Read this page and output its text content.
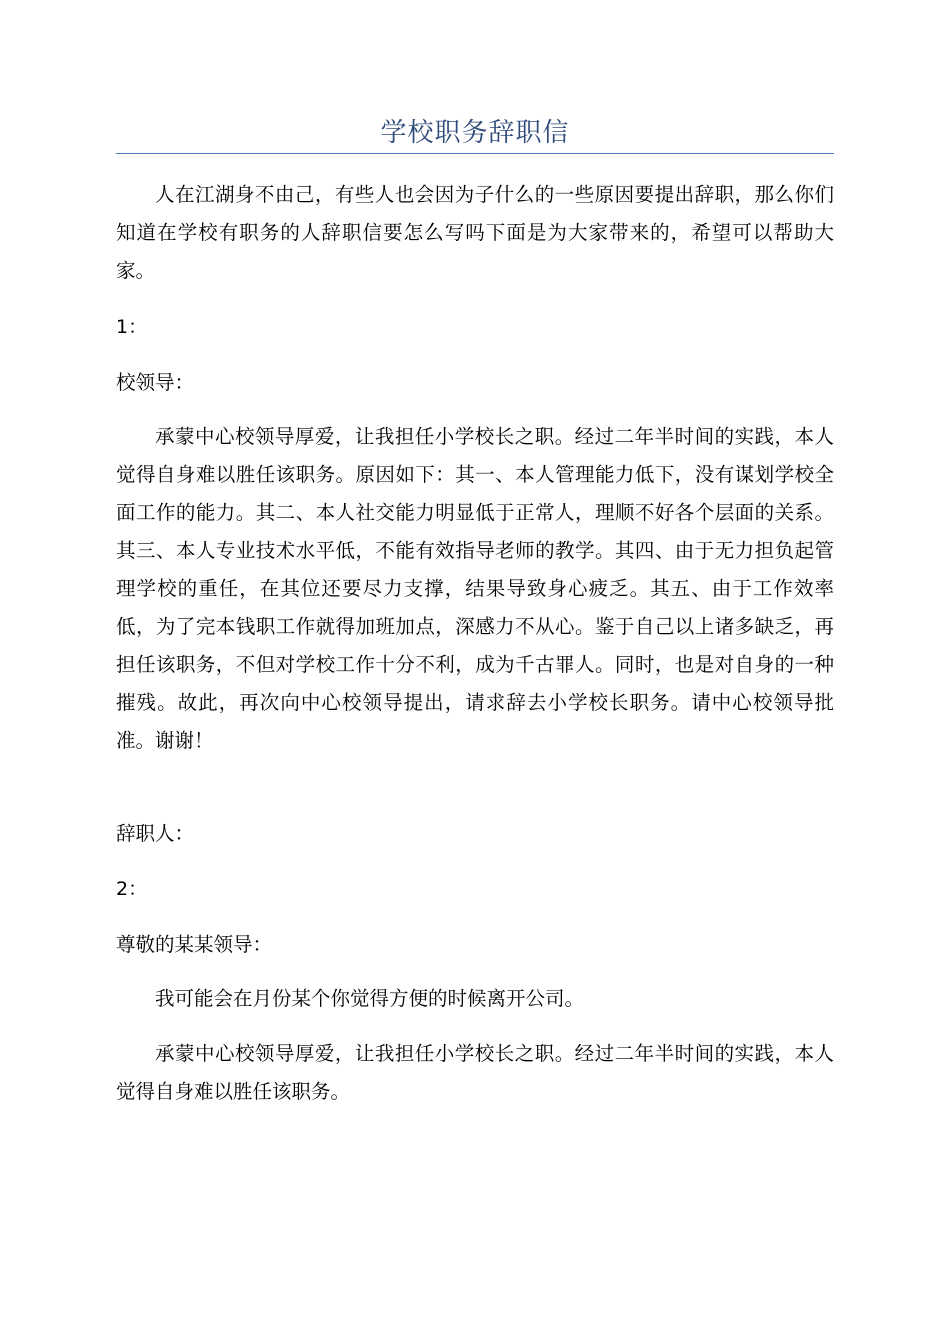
学校职务辞职信

人在江湖身不由己，有些人也会因为子什么的一些原因要提出辞职，那么你们知道在学校有职务的人辞职信要怎么写吗下面是为大家带来的，希望可以帮助大家。

1：

校领导：

承蒙中心校领导厚爱，让我担任小学校长之职。经过二年半时间的实践，本人觉得自身难以胜任该职务。原因如下：其一、本人管理能力低下，没有谋划学校全面工作的能力。其二、本人社交能力明显低于正常人，理顺不好各个层面的关系。其三、本人专业技术水平低，不能有效指导老师的教学。其四、由于无力担负起管理学校的重任，在其位还要尽力支撑，结果导致身心疲乏。其五、由于工作效率低，为了完本钱职工作就得加班加点，深感力不从心。鉴于自己以上诸多缺乏，再担任该职务，不但对学校工作十分不利，成为千古罪人。同时，也是对自身的一种摧残。故此，再次向中心校领导提出，请求辞去小学校长职务。请中心校领导批准。谢谢！

辞职人：

2：

尊敬的某某领导：

我可能会在月份某个你觉得方便的时候离开公司。

承蒙中心校领导厚爱，让我担任小学校长之职。经过二年半时间的实践，本人觉得自身难以胜任该职务。
